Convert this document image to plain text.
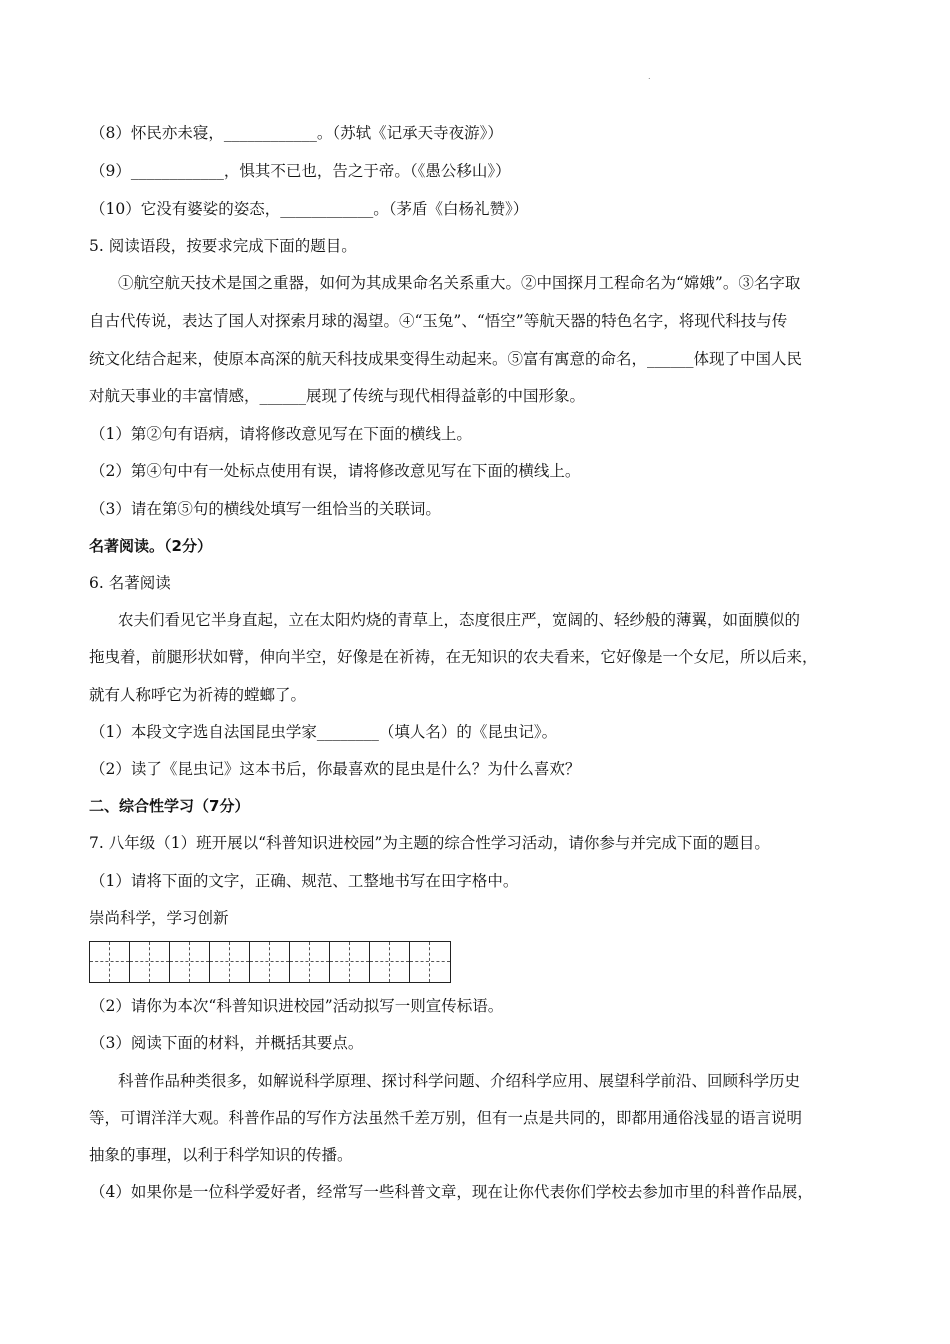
.
（8）怀民亦未寝，____________。（苏轼《记承天寺夜游》）
（9）____________，惧其不已也，告之于帝。（《愚公移山》）
（10）它没有婆娑的姿态，____________。（茅盾《白杨礼赞》）
5. 阅读语段，按要求完成下面的题目。
①航空航天技术是国之重器，如何为其成果命名关系重大。②中国探月工程命名为“嫦娥”。③名字取
自古代传说，表达了国人对探索月球的渴望。④“玉兔”、“悟空”等航天器的特色名字，将现代科技与传
统文化结合起来，使原本高深的航天科技成果变得生动起来。⑤富有寓意的命名，______体现了中国人民
对航天事业的丰富情感，______展现了传统与现代相得益彰的中国形象。
（1）第②句有语病，请将修改意见写在下面的横线上。
（2）第④句中有一处标点使用有误，请将修改意见写在下面的横线上。
（3）请在第⑤句的横线处填写一组恰当的关联词。
名著阅读。（2分）
6. 名著阅读
农夫们看见它半身直起，立在太阳灼烧的青草上，态度很庄严，宽阔的、轻纱般的薄翼，如面膜似的
拖曳着，前腿形状如臂，伸向半空，好像是在祈祷，在无知识的农夫看来，它好像是一个女尼，所以后来，
就有人称呼它为祈祷的螳螂了。
（1）本段文字选自法国昆虫学家________（填人名）的《昆虫记》。
（2）读了《昆虫记》这本书后，你最喜欢的昆虫是什么？为什么喜欢？
二、综合性学习（7分）
7. 八年级（1）班开展以“科普知识进校园”为主题的综合性学习活动，请你参与并完成下面的题目。
（1）请将下面的文字，正确、规范、工整地书写在田字格中。
崇尚科学，学习创新
（2）请你为本次“科普知识进校园”活动拟写一则宣传标语。
（3）阅读下面的材料，并概括其要点。
科普作品种类很多，如解说科学原理、探讨科学问题、介绍科学应用、展望科学前沿、回顾科学历史
等，可谓洋洋大观。科普作品的写作方法虽然千差万别，但有一点是共同的，即都用通俗浅显的语言说明
抽象的事理，以利于科学知识的传播。
（4）如果你是一位科学爱好者，经常写一些科普文章，现在让你代表你们学校去参加市里的科普作品展，
